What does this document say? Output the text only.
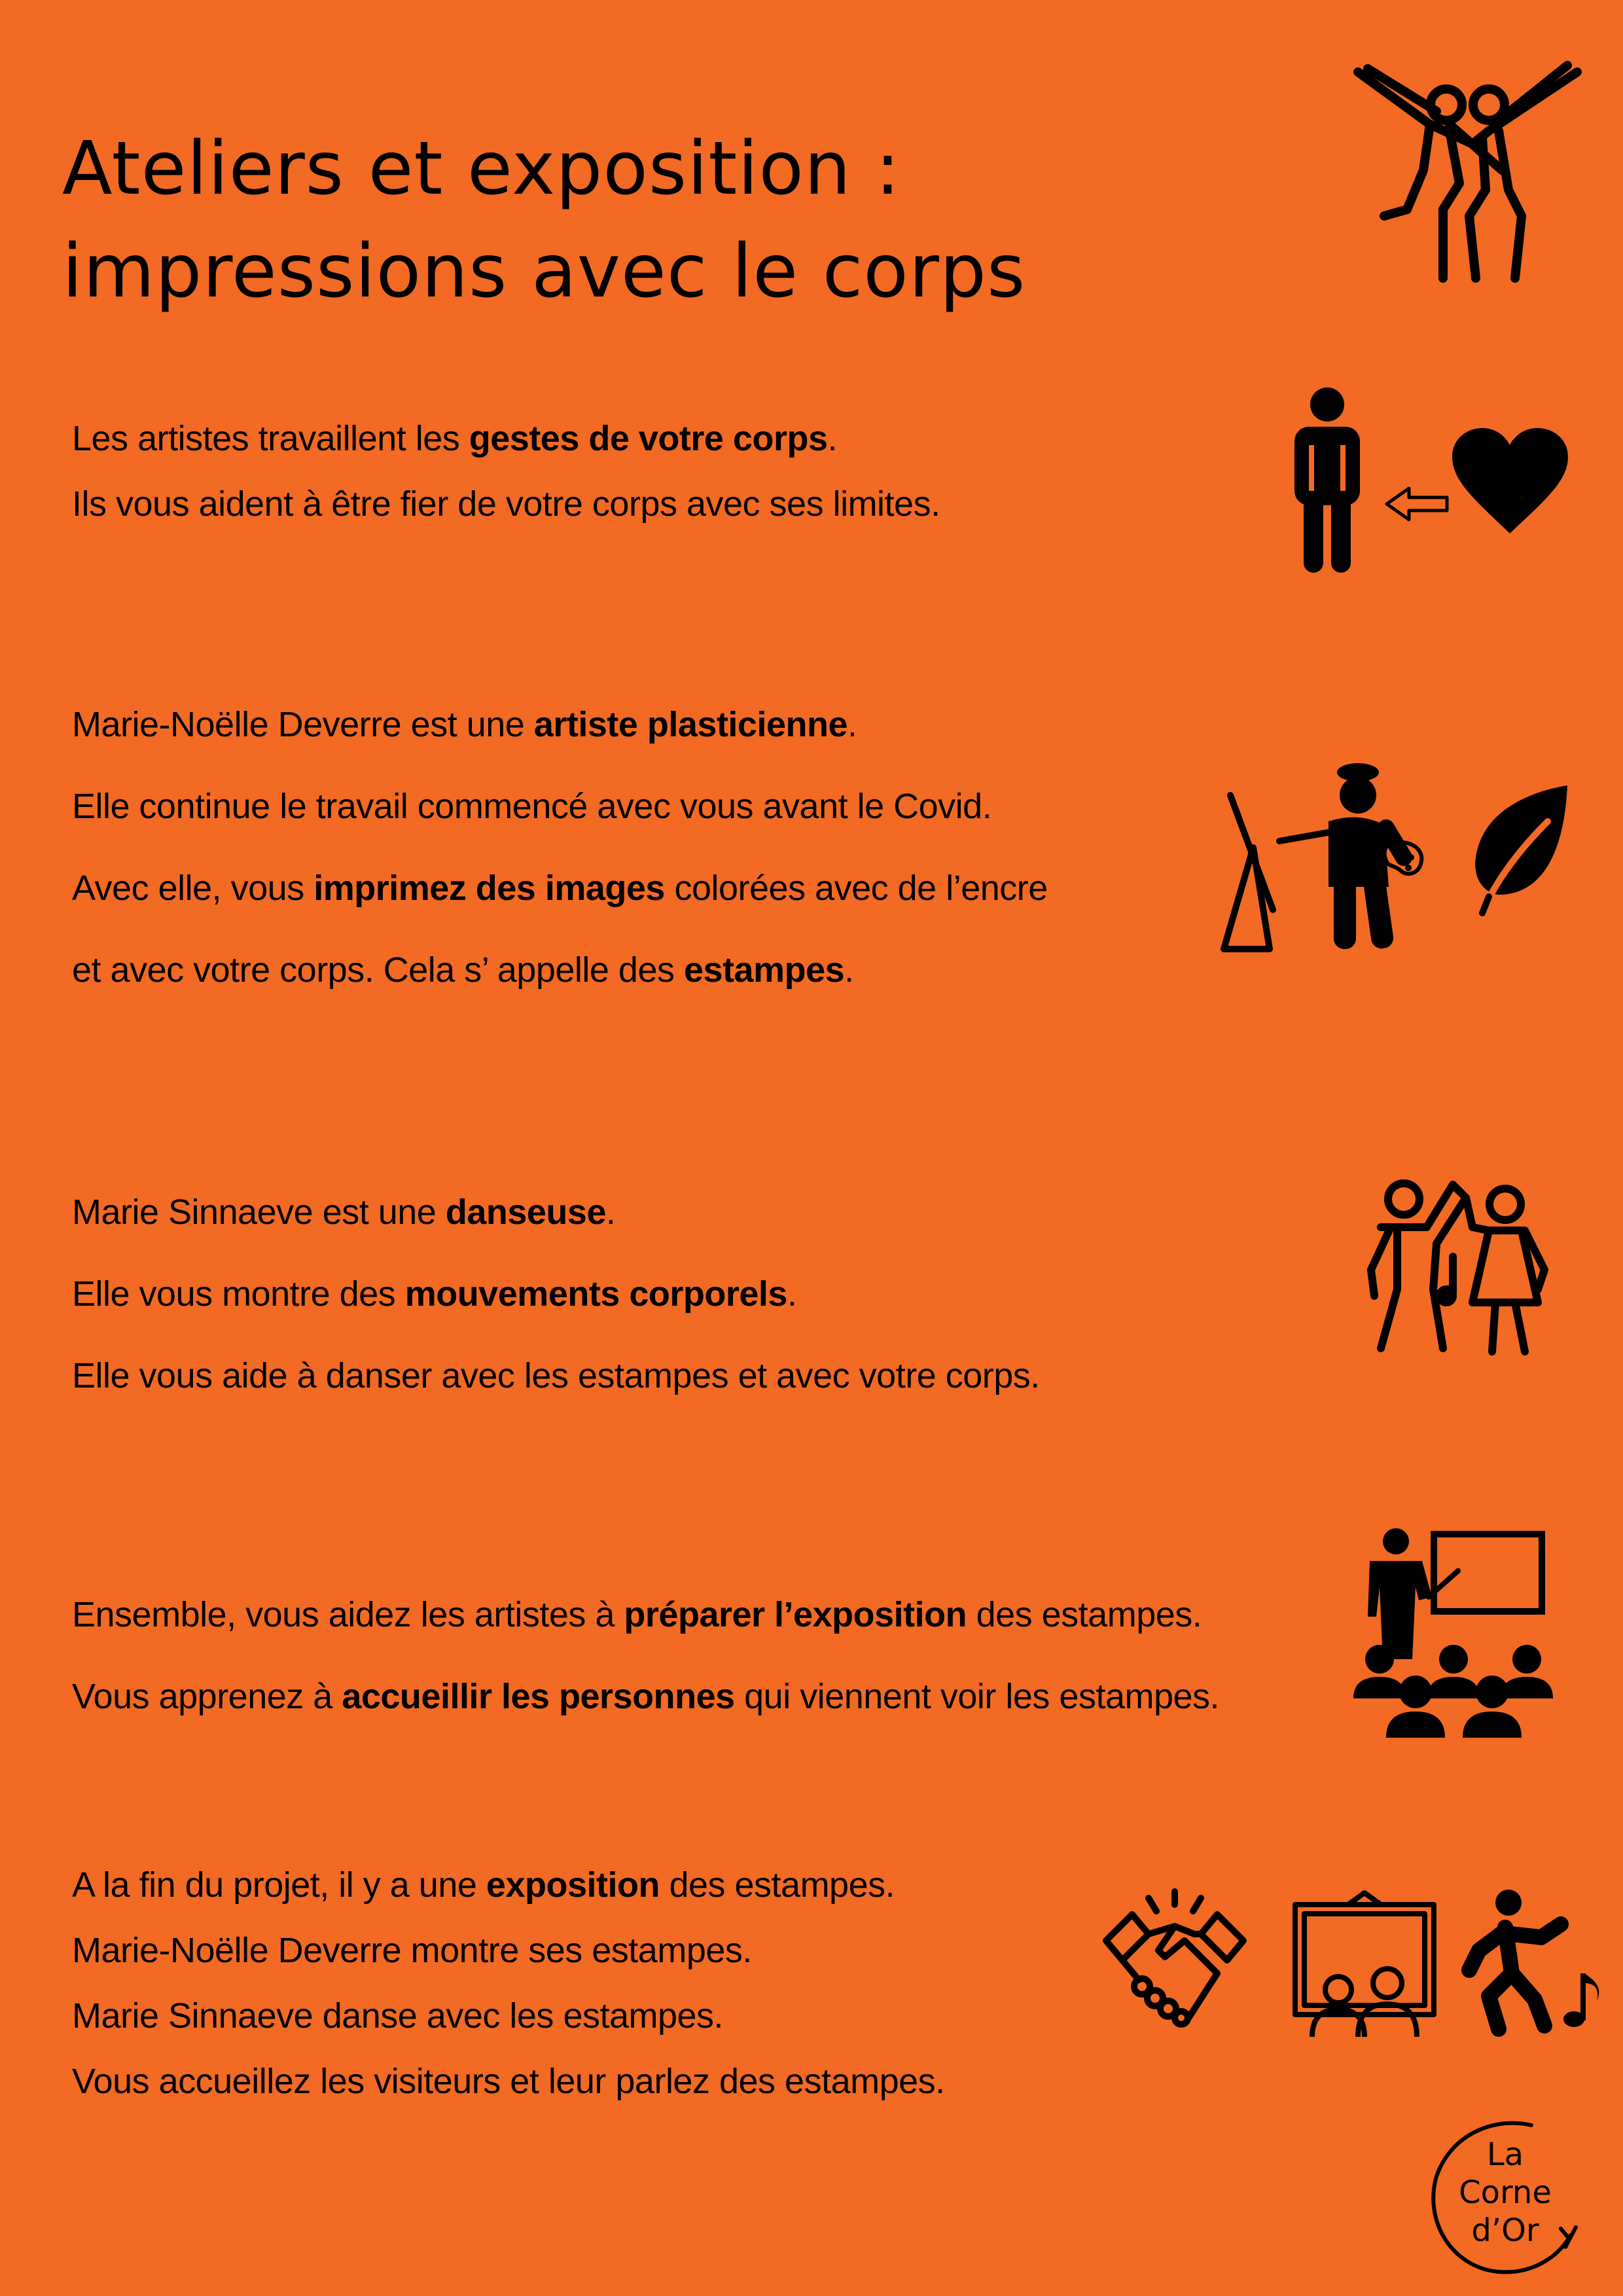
Ateliers et exposition :
impressions avec le corps
Les artistes travaillent les gestes de votre corps.
Ils vous aident à être fier de votre corps avec ses limites.
Marie-Noëlle Deverre est une artiste plasticienne.
Elle continue le travail commencé avec vous avant le Covid.
Avec elle, vous imprimez des images colorées avec de l’encre
et avec votre corps. Cela s’ appelle des estampes.
Marie Sinnaeve est une danseuse.
Elle vous montre des mouvements corporels.
Elle vous aide à danser avec les estampes et avec votre corps.
Ensemble, vous aidez les artistes à préparer l’exposition des estampes.
Vous apprenez à accueillir les personnes qui viennent voir les estampes.
A la fin du projet, il y a une exposition des estampes.
Marie-Noëlle Deverre montre ses estampes.
Marie Sinnaeve danse avec les estampes.
Vous accueillez les visiteurs et leur parlez des estampes.
La
Corne
d’Or
